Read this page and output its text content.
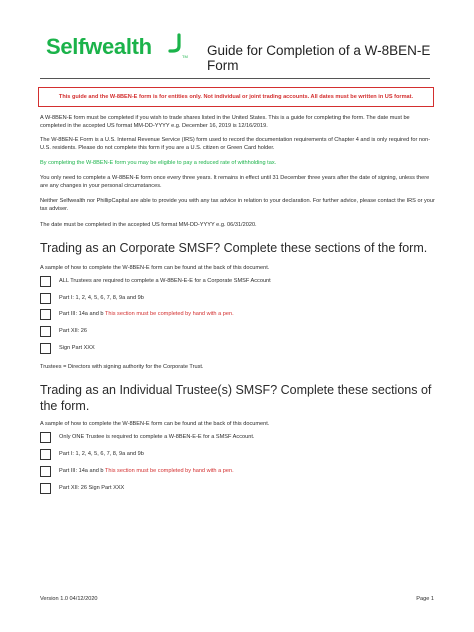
Selfwealth	TM Guide for Completion of a W-8BEN-E Form
This guide and the W-8BEN-E form is for entities only. Not individual or joint trading accounts. All dates must be written in US format.
A W-8BEN-E form must be completed if you wish to trade shares listed in the United States. This is a guide for completing the form. The date must be completed in the accepted US format MM-DD-YYYY e.g. December 16, 2019 is 12/16/2019.
The W-8BEN-E Form is a U.S. Internal Revenue Service (IRS) form used to record the documentation requirements of Chapter 4 and is only required for non-U.S. residents. Please do not complete this form if you are a U.S. citizen or Green Card holder.
By completing the W-8BEN-E form you may be eligible to pay a reduced rate of withholding tax.
You only need to complete a W-8BEN-E form once every three years. It remains in effect until 31 December three years after the date of signing, unless there are any changes in your personal circumstances.
Neither Selfwealth nor PhillipCapital are able to provide you with any tax advice in relation to your declaration. For further advice, please contact the IRS or your tax adviser.
The date must be completed in the accepted US format MM-DD-YYYY e.g. 06/31/2020.
Trading as an Corporate SMSF? Complete these sections of the form.
A sample of how to complete the W-8BEN-E form can be found at the back of this document.
ALL Trustees are required to complete a W-8BEN-E-E for a Corporate SMSF Account
Part I: 1, 2, 4, 5, 6, 7, 8, 9a and 9b
Part III: 14a and b This section must be completed by hand with a pen.
Part XII: 26
Sign Part XXX
Trustees = Directors with signing authority for the Corporate Trust.
Trading as an Individual Trustee(s) SMSF? Complete these sections of the form.
A sample of how to complete the W-8BEN-E form can be found at the back of this document.
Only ONE Trustee is required to complete a W-8BEN-E-E for a SMSF Account.
Part I: 1, 2, 4, 5, 6, 7, 8, 9a and 9b
Part III: 14a and b This section must be completed by hand with a pen.
Part XII: 26 Sign Part XXX
Version 1.0 04/12/2020	Page 1
